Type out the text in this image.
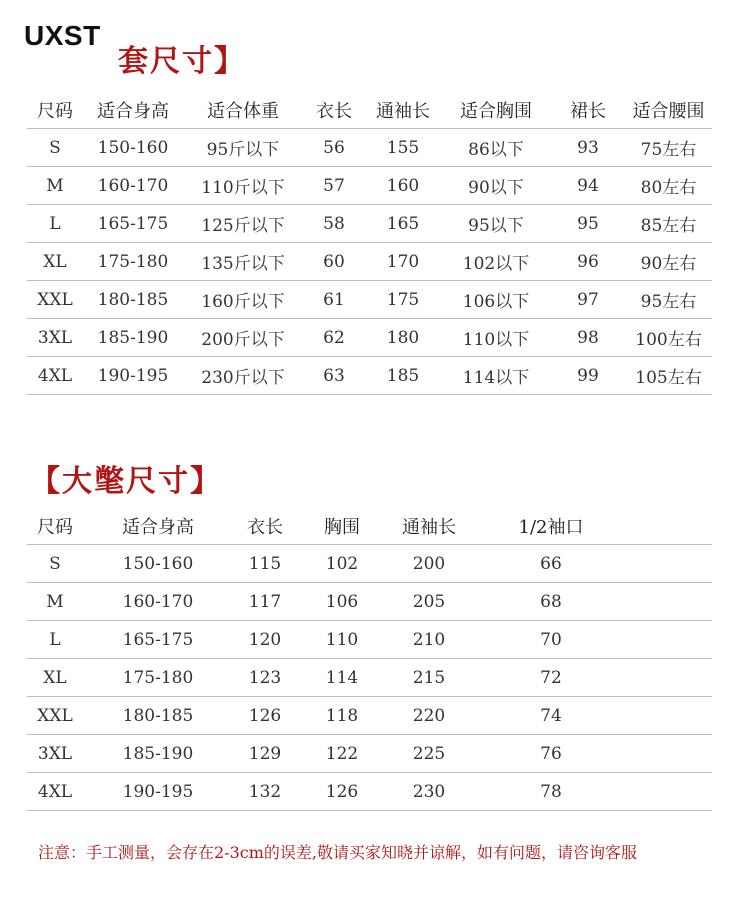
UXST
套尺寸】
尺码	适合身高	适合体重	衣长	通袖长	适合胸围	裙长	适合腰围
S	150-160	95斤以下	56	155	86以下	93	75左右
M	160-170	110斤以下	57	160	90以下	94	80左右
L	165-175	125斤以下	58	165	95以下	95	85左右
XL	175-180	135斤以下	60	170	102以下	96	90左右
XXL	180-185	160斤以下	61	175	106以下	97	95左右
3XL	185-190	200斤以下	62	180	110以下	98	100左右
4XL	190-195	230斤以下	63	185	114以下	99	105左右
【大氅尺寸】
尺码	适合身高	衣长	胸围	通袖长	1/2袖口	
S	150-160	115	102	200	66	
M	160-170	117	106	205	68	
L	165-175	120	110	210	70	
XL	175-180	123	114	215	72	
XXL	180-185	126	118	220	74	
3XL	185-190	129	122	225	76	
4XL	190-195	132	126	230	78	
注意：手工测量，会存在2-3cm的误差,敬请买家知晓并谅解，如有问题，请咨询客服
